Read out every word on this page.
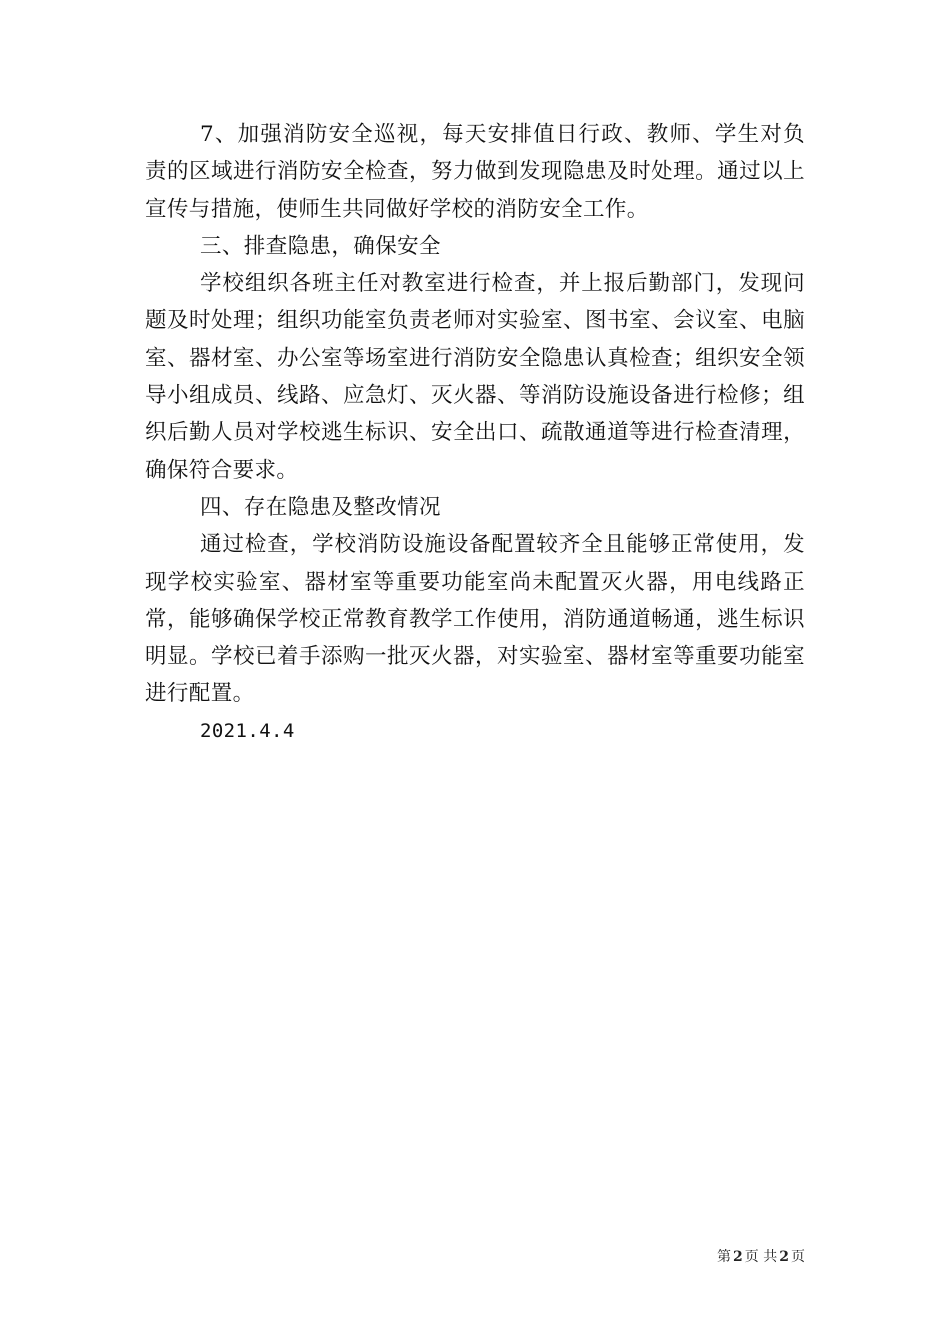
7、加强消防安全巡视，每天安排值日行政、教师、学生对负责的区域进行消防安全检查，努力做到发现隐患及时处理。通过以上宣传与措施，使师生共同做好学校的消防安全工作。

三、排查隐患，确保安全

学校组织各班主任对教室进行检查，并上报后勤部门，发现问题及时处理；组织功能室负责老师对实验室、图书室、会议室、电脑室、器材室、办公室等场室进行消防安全隐患认真检查；组织安全领导小组成员、线路、应急灯、灭火器、等消防设施设备进行检修；组织后勤人员对学校逃生标识、安全出口、疏散通道等进行检查清理，确保符合要求。

四、存在隐患及整改情况

通过检查，学校消防设施设备配置较齐全且能够正常使用，发现学校实验室、器材室等重要功能室尚未配置灭火器，用电线路正常，能够确保学校正常教育教学工作使用，消防通道畅通，逃生标识明显。学校已着手添购一批灭火器，对实验室、器材室等重要功能室进行配置。

2021.4.4

第 2 页 共 2 页
